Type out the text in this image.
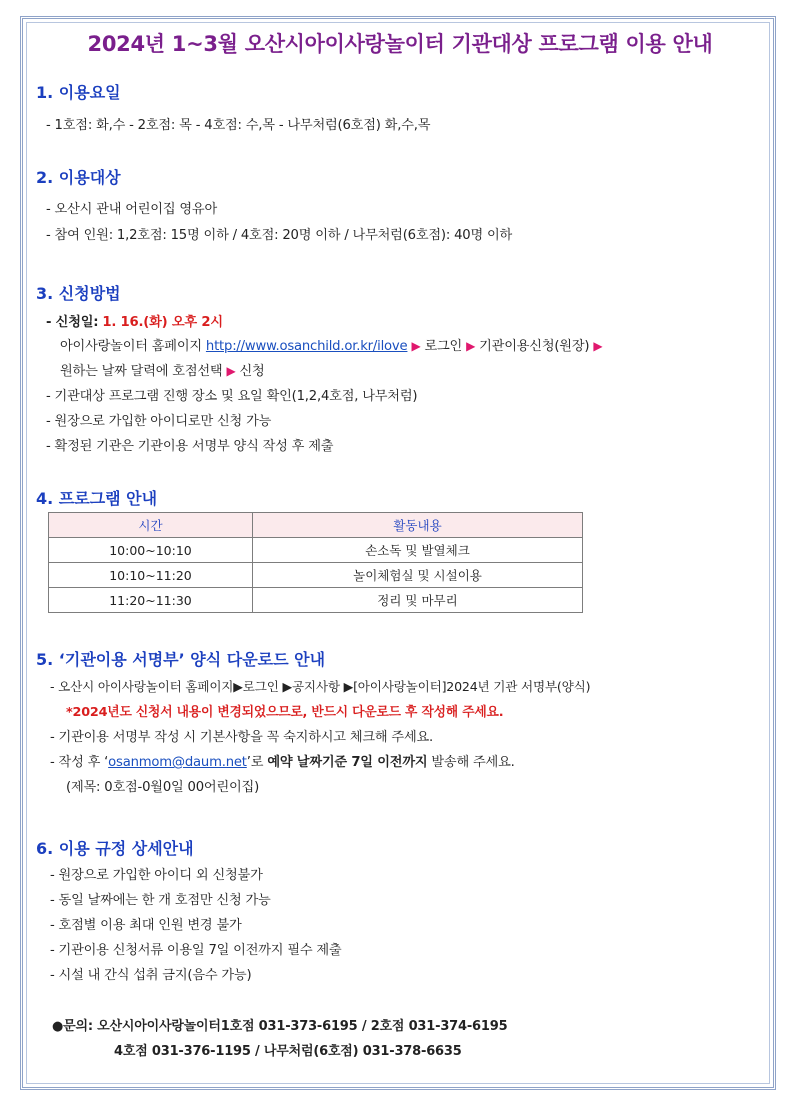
2024년 1~3월 오산시아이사랑놀이터 기관대상 프로그램 이용 안내
1. 이용요일
- 1호점: 화,수 - 2호점: 목 - 4호점: 수,목 - 나무처럼(6호점) 화,수,목
2. 이용대상
- 오산시 관내 어린이집 영유아
- 참여 인원: 1,2호점: 15명 이하 / 4호점: 20명 이하 / 나무처럼(6호점): 40명 이하
3. 신청방법
- 신청일: 1. 16.(화) 오후 2시
아이사랑놀이터 홈페이지 http://www.osanchild.or.kr/ilove ▶ 로그인 ▶ 기관이용신청(원장) ▶
원하는 날짜 달력에 호점선택 ▶ 신청
- 기관대상 프로그램 진행 장소 및 요일 확인(1,2,4호점, 나무처럼)
- 원장으로 가입한 아이디로만 신청 가능
- 확정된 기관은 기관이용 서명부 양식 작성 후 제출
4. 프로그램 안내
시간	활동내용
10:00~10:10	손소독 및 발열체크
10:10~11:20	놀이체험실 및 시설이용
11:20~11:30	정리 및 마무리
5. ‘기관이용 서명부’ 양식 다운로드 안내
- 오산시 아이사랑놀이터 홈페이지▶로그인 ▶공지사항 ▶[아이사랑놀이터]2024년 기관 서명부(양식)
*2024년도 신청서 내용이 변경되었으므로, 반드시 다운로드 후 작성해 주세요.
- 기관이용 서명부 작성 시 기본사항을 꼭 숙지하시고 체크해 주세요.
- 작성 후 ‘osanmom@daum.net’로 예약 날짜기준 7일 이전까지 발송해 주세요.
(제목: 0호점-0월0일 00어린이집)
6. 이용 규정 상세안내
- 원장으로 가입한 아이디 외 신청불가
- 동일 날짜에는 한 개 호점만 신청 가능
- 호점별 이용 최대 인원 변경 불가
- 기관이용 신청서류 이용일 7일 이전까지 필수 제출
- 시설 내 간식 섭취 금지(음수 가능)
●문의: 오산시아이사랑놀이터1호점 031-373-6195 / 2호점 031-374-6195
4호점 031-376-1195 / 나무처럼(6호점) 031-378-6635
